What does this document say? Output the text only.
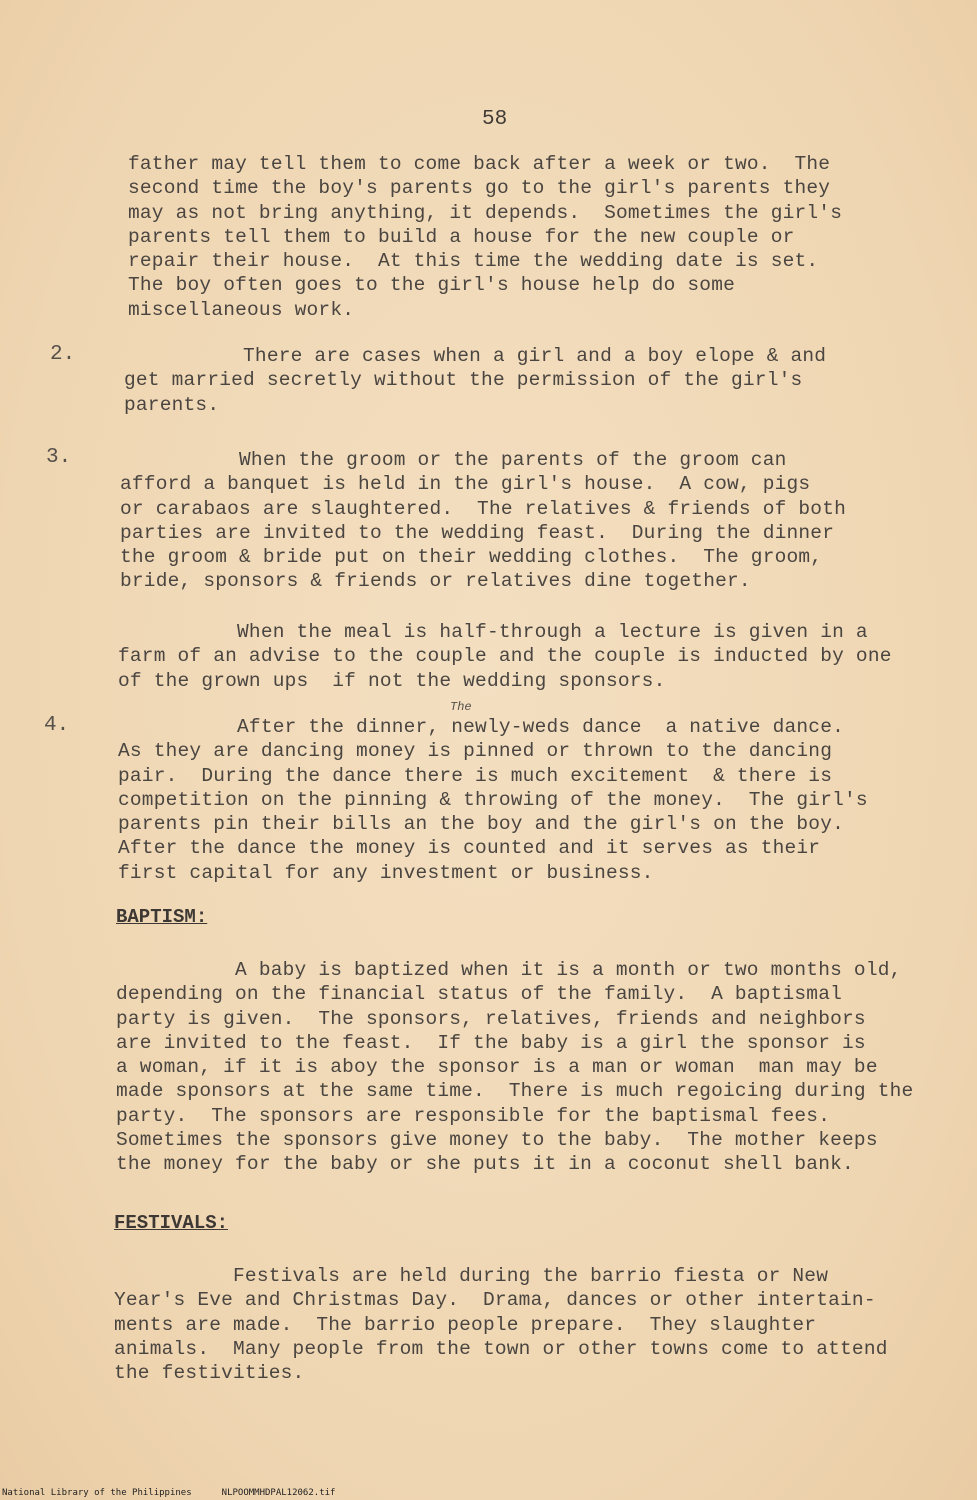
58
father may tell them to come back after a week or two.  The
second time the boy's parents go to the girl's parents they
may as not bring anything, it depends.  Sometimes the girl's
parents tell them to build a house for the new couple or
repair their house.  At this time the wedding date is set.
The boy often goes to the girl's house help do some
miscellaneous work.
2.	There are cases when a girl and a boy elope & and
get married secretly without the permission of the girl's
parents.
3.	When the groom or the parents of the groom can
afford a banquet is held in the girl's house.  A cow, pigs
or carabaos are slaughtered.  The relatives & friends of both
parties are invited to the wedding feast.  During the dinner
the groom & bride put on their wedding clothes.  The groom,
bride, sponsors & friends or relatives dine together.
When the meal is half-through a lecture is given in a
farm of an advise to the couple and the couple is inducted by one
of the grown ups  if not the wedding sponsors.
4.
The
After the dinner, newly-weds dance  a native dance.
As they are dancing money is pinned or thrown to the dancing
pair.  During the dance there is much excitement  & there is
competition on the pinning & throwing of the money.  The girl's
parents pin their bills an the boy and the girl's on the boy.
After the dance the money is counted and it serves as their
first capital for any investment or business.
BAPTISM:
A baby is baptized when it is a month or two months old,
depending on the financial status of the family.  A baptismal
party is given.  The sponsors, relatives, friends and neighbors
are invited to the feast.  If the baby is a girl the sponsor is
a woman, if it is aboy the sponsor is a man or woman  man may be
made sponsors at the same time.  There is much regoicing during the
party.  The sponsors are responsible for the baptismal fees.
Sometimes the sponsors give money to the baby.  The mother keeps
the money for the baby or she puts it in a coconut shell bank.
FESTIVALS:
Festivals are held during the barrio fiesta or New
Year's Eve and Christmas Day.  Drama, dances or other intertain-
ments are made.  The barrio people prepare.  They slaughter
animals.  Many people from the town or other towns come to attend
the festivities.
National Library of the Philippines	NLPOOMMHDPAL12062.tif
